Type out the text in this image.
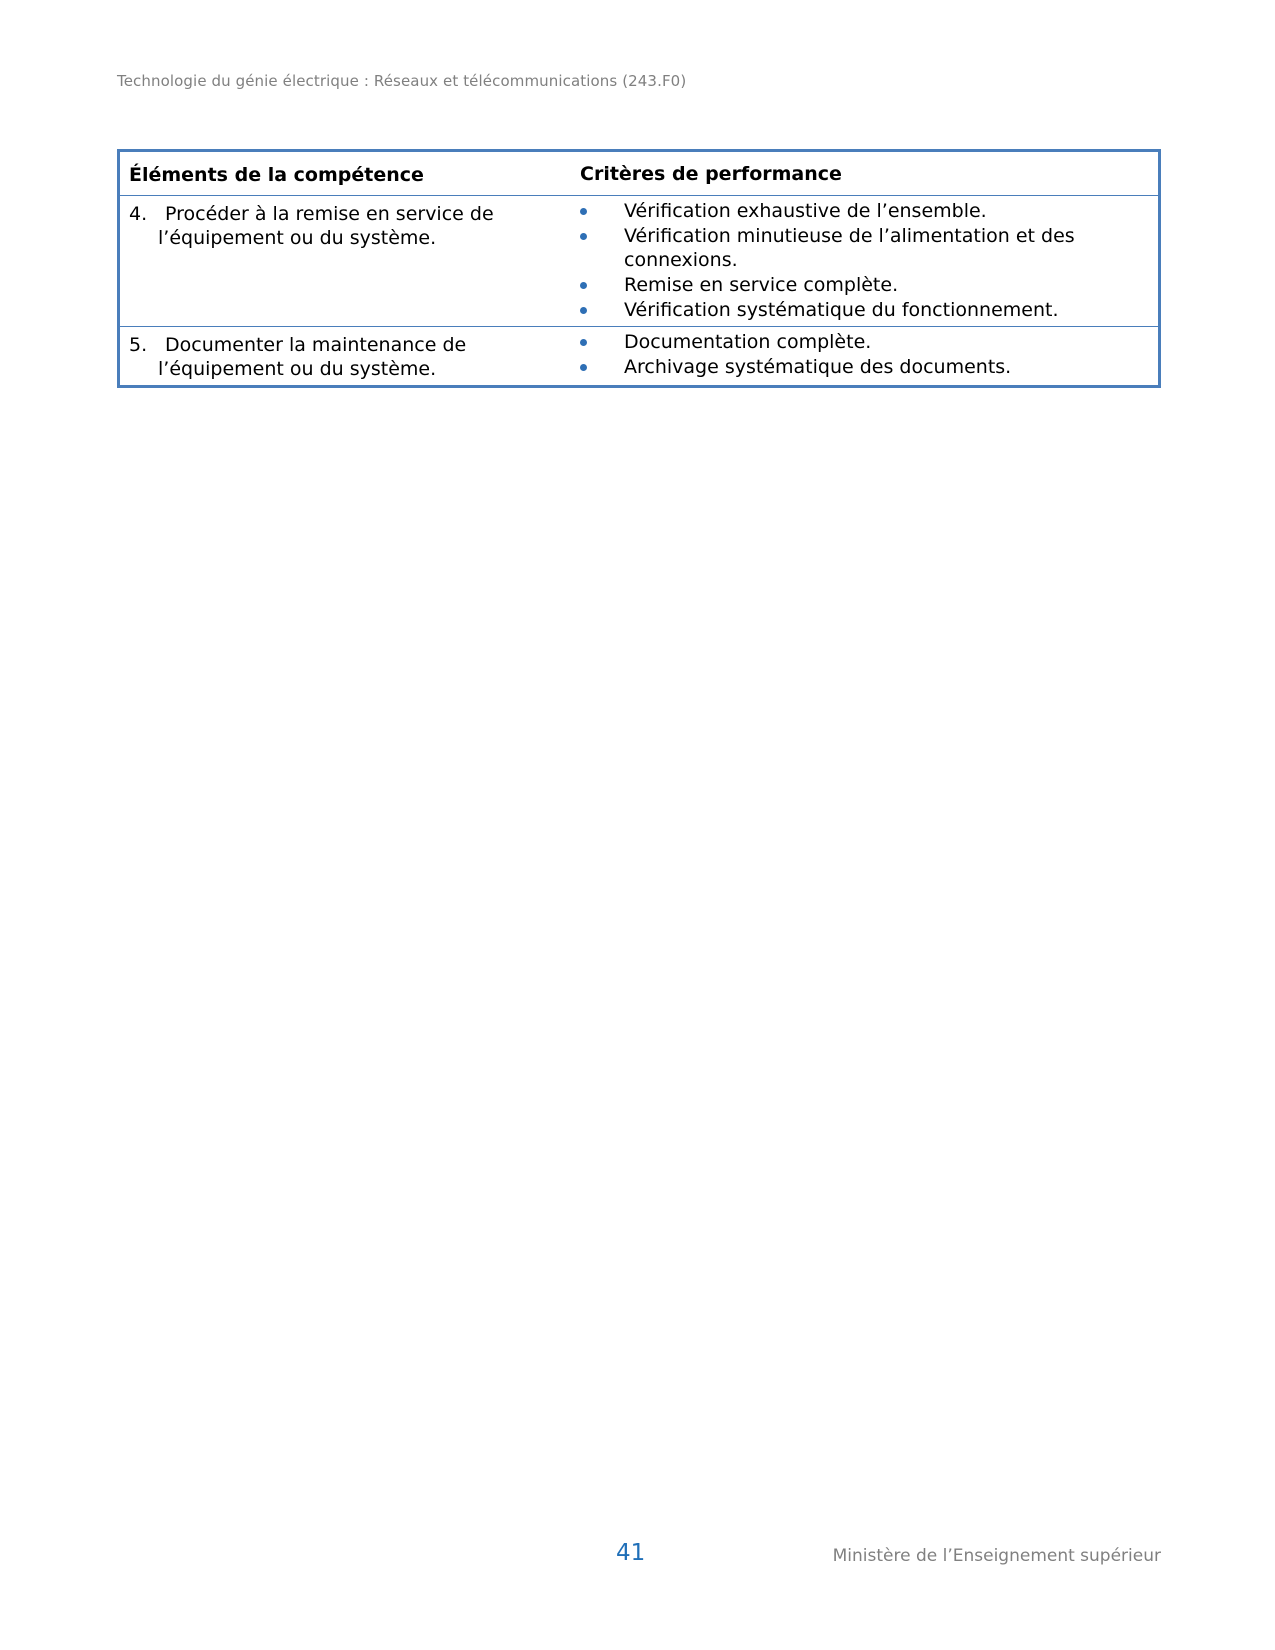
Technologie du génie électrique : Réseaux et télécommunications (243.F0)
Éléments de la compétence	Critères de performance
4. Procéder à la remise en service de l’équipement ou du système.
Vérification exhaustive de l’ensemble.
Vérification minutieuse de l’alimentation et des connexions.
Remise en service complète.
Vérification systématique du fonctionnement.
5. Documenter la maintenance de l’équipement ou du système.
Documentation complète.
Archivage systématique des documents.
41	Ministère de l’Enseignement supérieur
